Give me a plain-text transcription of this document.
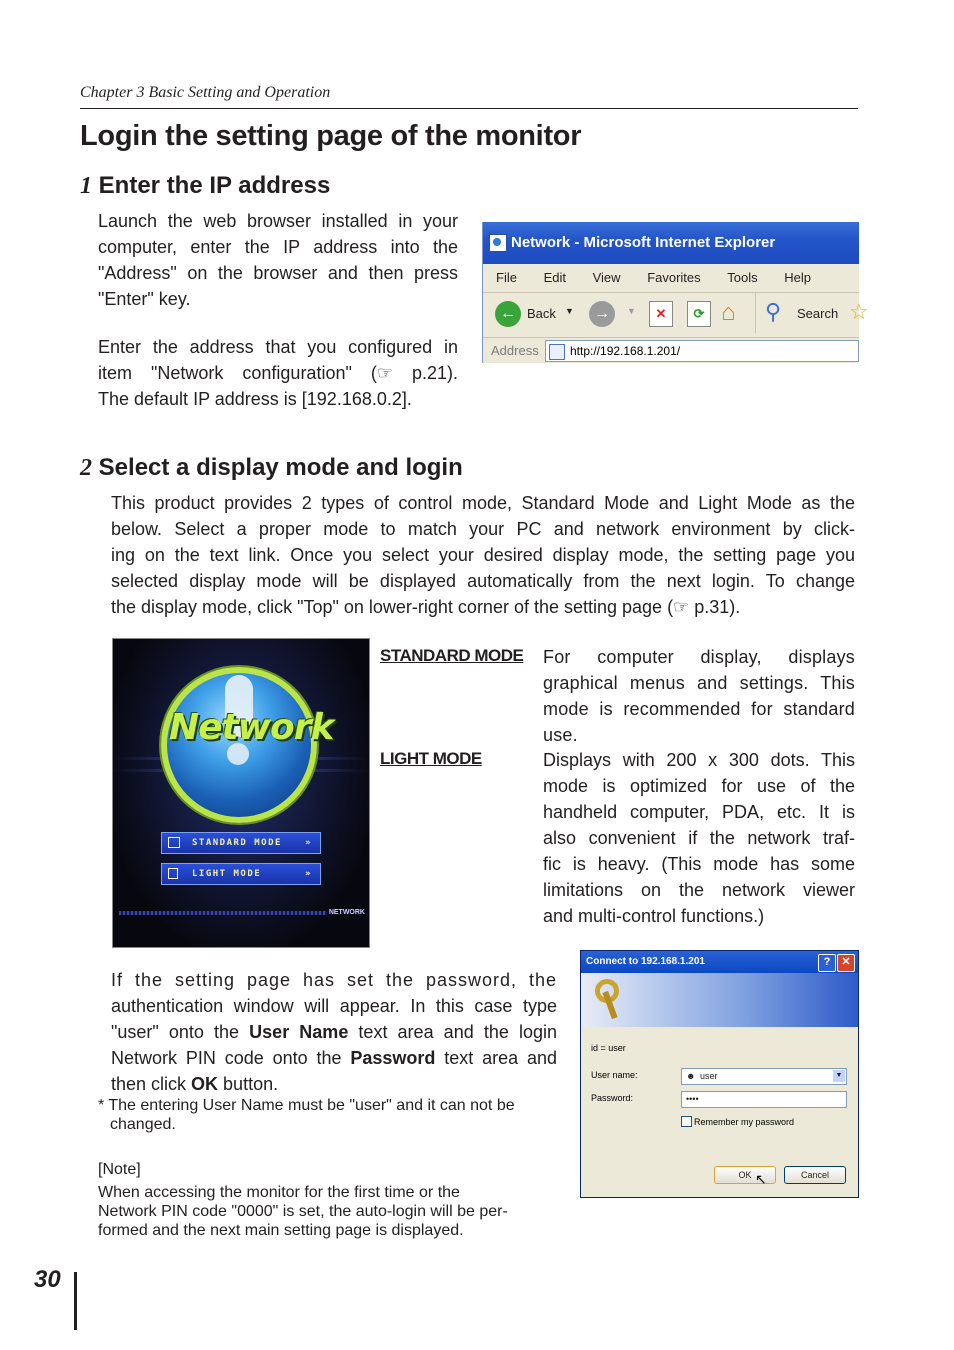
Chapter 3 Basic Setting and Operation
Login the setting page of the monitor
1 Enter the IP address
Launch the web browser installed in your
computer, enter the IP address into the
"Address" on the browser and then press
"Enter" key.
Enter the address that you configured in
item "Network configuration" (☞ p.21).
The default IP address is [192.168.0.2].
Network - Microsoft Internet Explorer
File Edit View Favorites Tools Help
← Back ▼	→	▼	✕	⟳ ⌂ ⚲ Search ☆
Address	http://192.168.1.201/
2 Select a display mode and login
This product provides 2 types of control mode, Standard Mode and Light Mode as the
below. Select a proper mode to match your PC and network environment by click-
ing on the text link. Once you select your desired display mode, the setting page you
selected display mode will be displayed automatically from the next login. To change
the display mode, click "Top" on lower-right corner of the setting page (☞ p.31).
Network
STANDARD MODE	»
LIGHT MODE	»
NETWORK
STANDARD MODE For computer display, displays
graphical menus and settings. This
mode is recommended for standard
use.
LIGHT MODE	Displays with 200 x 300 dots. This
mode is optimized for use of the
handheld computer, PDA, etc. It is
also convenient if the network traf-
fic is heavy. (This mode has some
limitations on the network viewer
and multi-control functions.)
If the setting page has set the password, the
authentication window will appear. In this case type
"user" onto the User Name text area and the login
Network PIN code onto the Password text area and
then click OK button.
* The entering User Name must be "user" and it can not be
changed.
[Note]
When accessing the monitor for the first time or the
Network PIN code "0000" is set, the auto-login will be per-
formed and the next main setting page is displayed.
Connect to 192.168.1.201	?	✕
id = user
User name:	☻ user	▼
Password:	••••
Remember my password
OK ↖	Cancel
30
